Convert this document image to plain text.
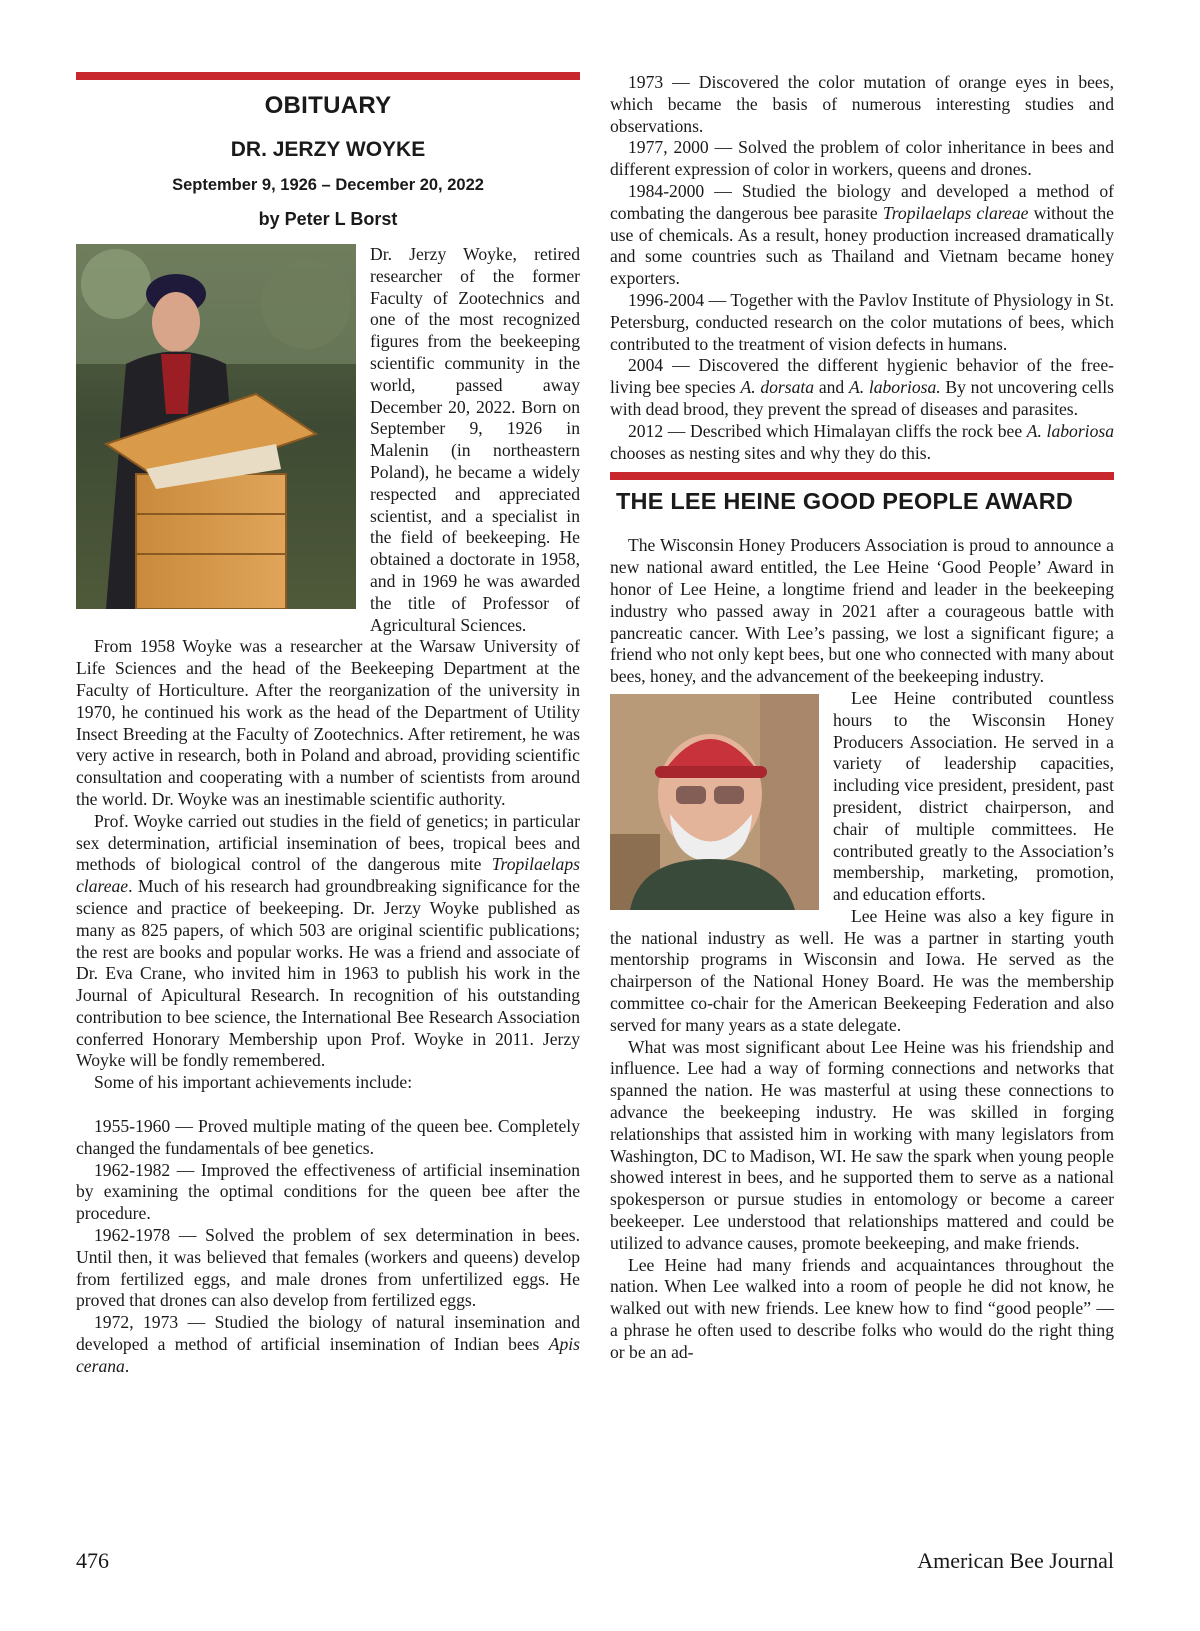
OBITUARY
DR. JERZY WOYKE
September 9, 1926 – December 20, 2022
by Peter L Borst

Dr. Jerzy Woyke, retired researcher of the former Faculty of Zootechnics and one of the most recognized figures from the beekeeping scientific community in the world, passed away December 20, 2022. Born on September 9, 1926 in Malenin (in northeastern Poland), he became a widely respected and appreciated scientist, and a specialist in the field of beekeeping. He obtained a doctorate in 1958, and in 1969 he was awarded the title of Professor of Agricultural Sciences.

From 1958 Woyke was a researcher at the Warsaw University of Life Sciences and the head of the Beekeeping Department at the Faculty of Horticulture. After the reorganization of the university in 1970, he continued his work as the head of the Department of Utility Insect Breeding at the Faculty of Zootechnics. After retirement, he was very active in research, both in Poland and abroad, providing scientific consultation and cooperating with a number of scientists from around the world. Dr. Woyke was an inestimable scientific authority.

Prof. Woyke carried out studies in the field of genetics; in particular sex determination, artificial insemination of bees, tropical bees and methods of biological control of the dangerous mite Tropilaelaps clareae. Much of his research had groundbreaking significance for the science and practice of beekeeping. Dr. Jerzy Woyke published as many as 825 papers, of which 503 are original scientific publications; the rest are books and popular works. He was a friend and associate of Dr. Eva Crane, who invited him in 1963 to publish his work in the Journal of Apicultural Research. In recognition of his outstanding contribution to bee science, the International Bee Research Association conferred Honorary Membership upon Prof. Woyke in 2011. Jerzy Woyke will be fondly remembered.

Some of his important achievements include:

1955-1960 — Proved multiple mating of the queen bee. Completely changed the fundamentals of bee genetics.

1962-1982 — Improved the effectiveness of artificial insemination by examining the optimal conditions for the queen bee after the procedure.

1962-1978 — Solved the problem of sex determination in bees. Until then, it was believed that females (workers and queens) develop from fertilized eggs, and male drones from unfertilized eggs. He proved that drones can also develop from fertilized eggs.

1972, 1973 — Studied the biology of natural insemination and developed a method of artificial insemination of Indian bees Apis cerana.

1973 — Discovered the color mutation of orange eyes in bees, which became the basis of numerous interesting studies and observations.

1977, 2000 — Solved the problem of color inheritance in bees and different expression of color in workers, queens and drones.

1984-2000 — Studied the biology and developed a method of combating the dangerous bee parasite Tropilaelaps clareae without the use of chemicals. As a result, honey production increased dramatically and some countries such as Thailand and Vietnam became honey exporters.

1996-2004 — Together with the Pavlov Institute of Physiology in St. Petersburg, conducted research on the color mutations of bees, which contributed to the treatment of vision defects in humans.

2004 — Discovered the different hygienic behavior of the free-living bee species A. dorsata and A. laboriosa. By not uncovering cells with dead brood, they prevent the spread of diseases and parasites.

2012 — Described which Himalayan cliffs the rock bee A. laboriosa chooses as nesting sites and why they do this.

THE LEE HEINE GOOD PEOPLE AWARD

The Wisconsin Honey Producers Association is proud to announce a new national award entitled, the Lee Heine ‘Good People’ Award in honor of Lee Heine, a longtime friend and leader in the beekeeping industry who passed away in 2021 after a courageous battle with pancreatic cancer. With Lee’s passing, we lost a significant figure; a friend who not only kept bees, but one who connected with many about bees, honey, and the advancement of the beekeeping industry.

Lee Heine contributed countless hours to the Wisconsin Honey Producers Association. He served in a variety of leadership capacities, including vice president, president, past president, district chairperson, and chair of multiple committees. He contributed greatly to the Association’s membership, marketing, promotion, and education efforts.

Lee Heine was also a key figure in the national industry as well. He was a partner in starting youth mentorship programs in Wisconsin and Iowa. He served as the chairperson of the National Honey Board. He was the membership committee co-chair for the American Beekeeping Federation and also served for many years as a state delegate.

What was most significant about Lee Heine was his friendship and influence. Lee had a way of forming connections and networks that spanned the nation. He was masterful at using these connections to advance the beekeeping industry. He was skilled in forging relationships that assisted him in working with many legislators from Washington, DC to Madison, WI. He saw the spark when young people showed interest in bees, and he supported them to serve as a national spokesperson or pursue studies in entomology or become a career beekeeper. Lee understood that relationships mattered and could be utilized to advance causes, promote beekeeping, and make friends.

Lee Heine had many friends and acquaintances throughout the nation. When Lee walked into a room of people he did not know, he walked out with new friends. Lee knew how to find “good people” — a phrase he often used to describe folks who would do the right thing or be an ad-

476	American Bee Journal
